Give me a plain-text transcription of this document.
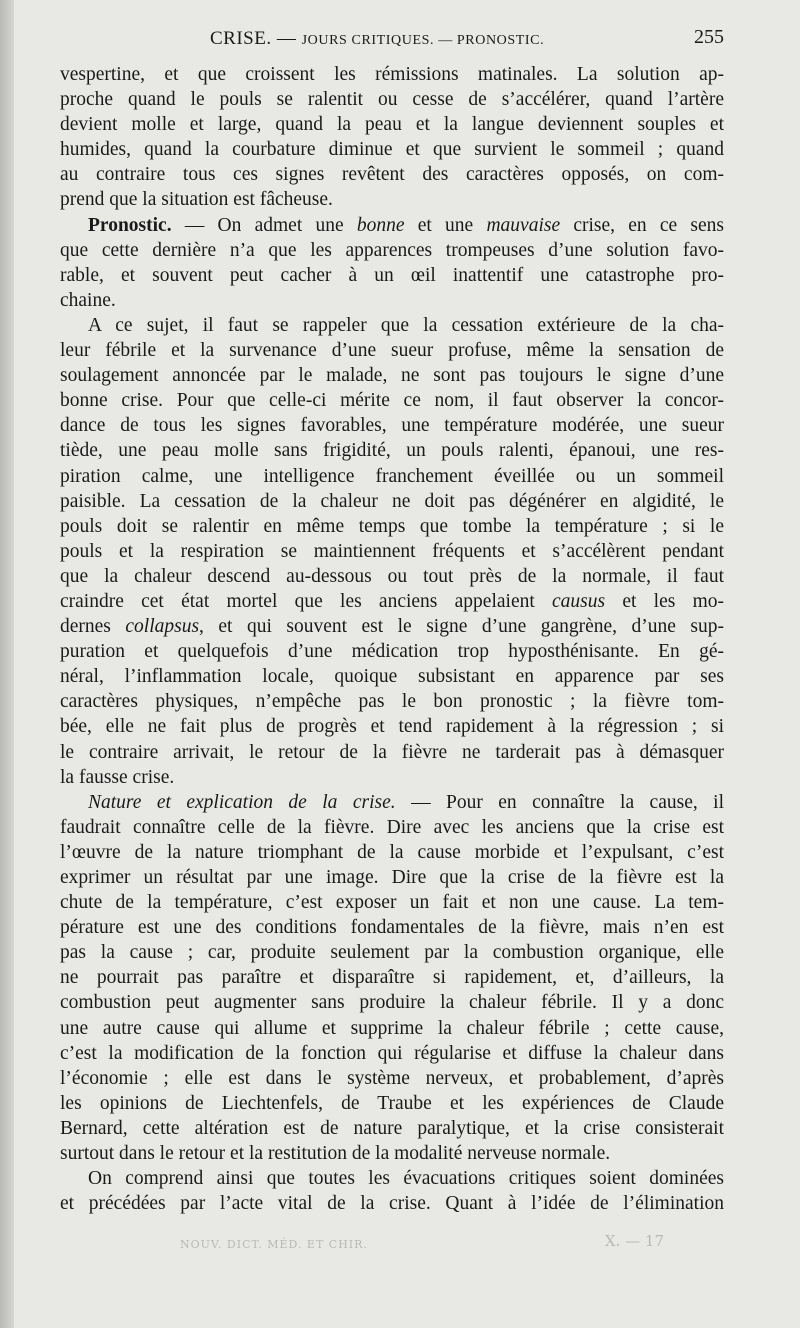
CRISE. — JOURS CRITIQUES. — PRONOSTIC.	255
vespertine, et que croissent les rémissions matinales. La solution ap-
proche quand le pouls se ralentit ou cesse de s’accélérer, quand l’artère
devient molle et large, quand la peau et la langue deviennent souples et
humides, quand la courbature diminue et que survient le sommeil ; quand
au contraire tous ces signes revêtent des caractères opposés, on com-
prend que la situation est fâcheuse.
Pronostic. — On admet une bonne et une mauvaise crise, en ce sens
que cette dernière n’a que les apparences trompeuses d’une solution favo-
rable, et souvent peut cacher à un œil inattentif une catastrophe pro-
chaine.
A ce sujet, il faut se rappeler que la cessation extérieure de la cha-
leur fébrile et la survenance d’une sueur profuse, même la sensation de
soulagement annoncée par le malade, ne sont pas toujours le signe d’une
bonne crise. Pour que celle-ci mérite ce nom, il faut observer la concor-
dance de tous les signes favorables, une température modérée, une sueur
tiède, une peau molle sans frigidité, un pouls ralenti, épanoui, une res-
piration calme, une intelligence franchement éveillée ou un sommeil
paisible. La cessation de la chaleur ne doit pas dégénérer en algidité, le
pouls doit se ralentir en même temps que tombe la température ; si le
pouls et la respiration se maintiennent fréquents et s’accélèrent pendant
que la chaleur descend au-dessous ou tout près de la normale, il faut
craindre cet état mortel que les anciens appelaient causus et les mo-
dernes collapsus, et qui souvent est le signe d’une gangrène, d’une sup-
puration et quelquefois d’une médication trop hyposthénisante. En gé-
néral, l’inflammation locale, quoique subsistant en apparence par ses
caractères physiques, n’empêche pas le bon pronostic ; la fièvre tom-
bée, elle ne fait plus de progrès et tend rapidement à la régression ; si
le contraire arrivait, le retour de la fièvre ne tarderait pas à démasquer
la fausse crise.
Nature et explication de la crise. — Pour en connaître la cause, il
faudrait connaître celle de la fièvre. Dire avec les anciens que la crise est
l’œuvre de la nature triomphant de la cause morbide et l’expulsant, c’est
exprimer un résultat par une image. Dire que la crise de la fièvre est la
chute de la température, c’est exposer un fait et non une cause. La tem-
pérature est une des conditions fondamentales de la fièvre, mais n’en est
pas la cause ; car, produite seulement par la combustion organique, elle
ne pourrait pas paraître et disparaître si rapidement, et, d’ailleurs, la
combustion peut augmenter sans produire la chaleur fébrile. Il y a donc
une autre cause qui allume et supprime la chaleur fébrile ; cette cause,
c’est la modification de la fonction qui régularise et diffuse la chaleur dans
l’économie ; elle est dans le système nerveux, et probablement, d’après
les opinions de Liechtenfels, de Traube et les expériences de Claude
Bernard, cette altération est de nature paralytique, et la crise consisterait
surtout dans le retour et la restitution de la modalité nerveuse normale.
On comprend ainsi que toutes les évacuations critiques soient dominées
et précédées par l’acte vital de la crise. Quant à l’idée de l’élimination
NOUV. DICT. MÉD. ET CHIR.	X. — 17
